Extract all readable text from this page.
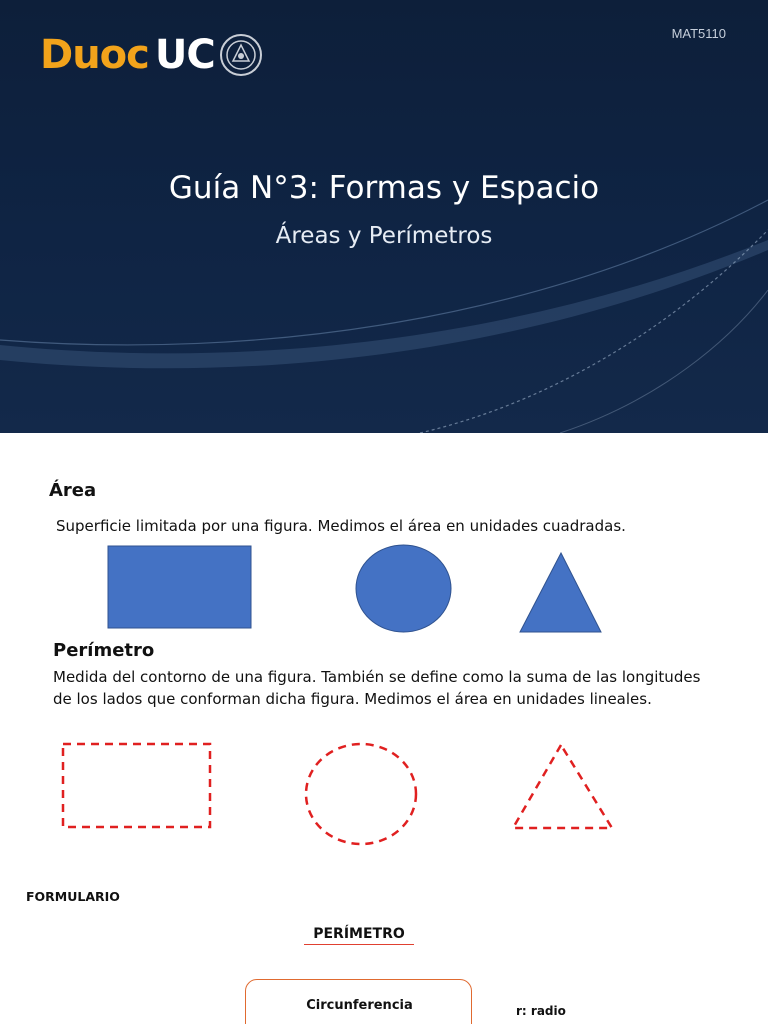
Duoc UC	MAT5110
Guía N°3: Formas y Espacio
Áreas y Perímetros
Área
Superficie limitada por una figura. Medimos el área en unidades cuadradas.
Perímetro
Medida del contorno de una figura. También se define como la suma de las longitudes de los lados que conforman dicha figura. Medimos el área en unidades lineales.
FORMULARIO
PERÍMETRO
Circunferencia	r: radio
